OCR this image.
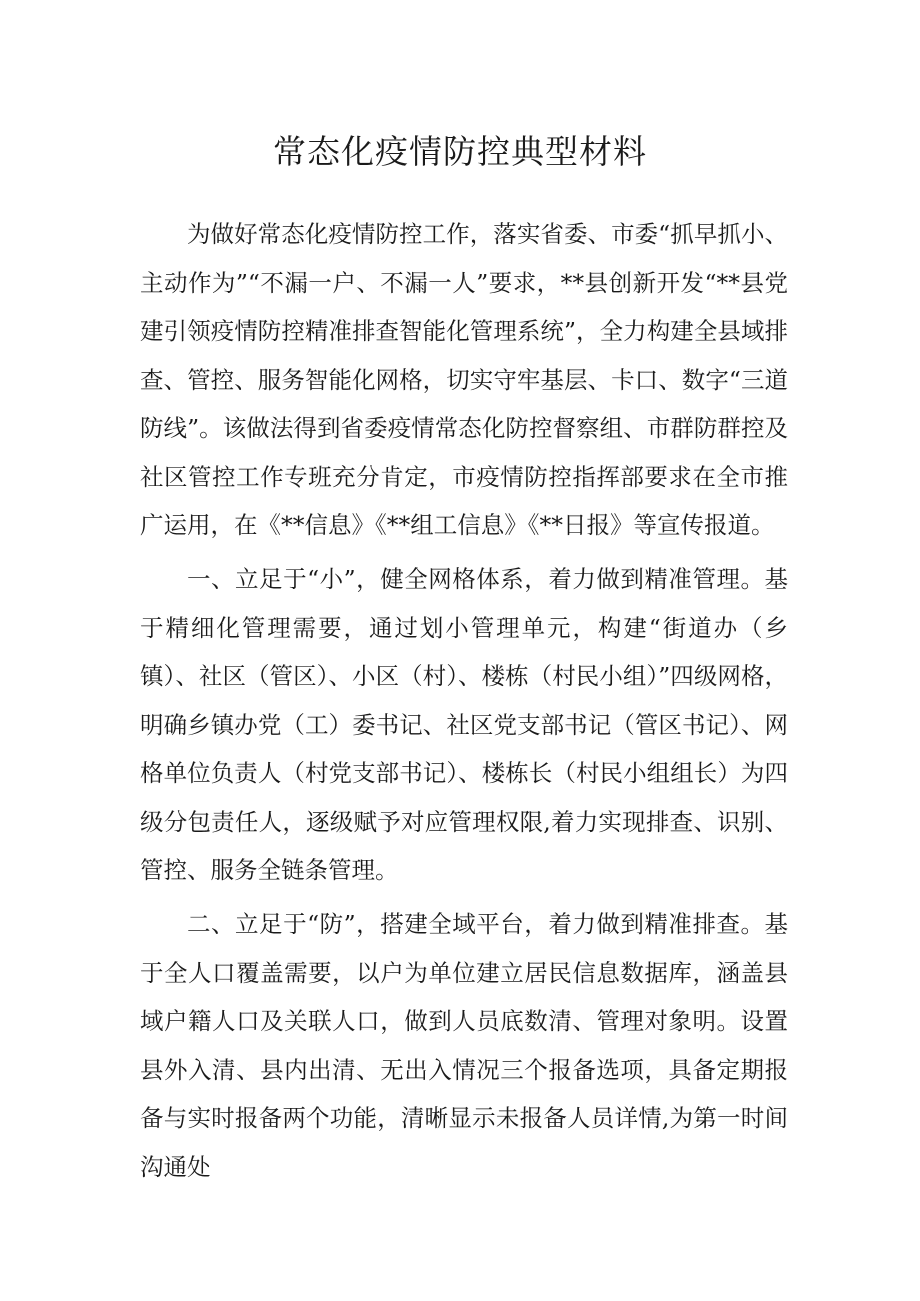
常态化疫情防控典型材料

为做好常态化疫情防控工作，落实省委、市委“抓早抓小、主动作为”“不漏一户、不漏一人”要求，**县创新开发“**县党建引领疫情防控精准排查智能化管理系统”，全力构建全县域排查、管控、服务智能化网格，切实守牢基层、卡口、数字“三道防线”。该做法得到省委疫情常态化防控督察组、市群防群控及社区管控工作专班充分肯定，市疫情防控指挥部要求在全市推广运用，在《**信息》《**组工信息》《**日报》等宣传报道。

一、立足于“小”，健全网格体系，着力做到精准管理。基于精细化管理需要，通过划小管理单元，构建“街道办（乡镇）、社区（管区）、小区（村）、楼栋（村民小组）”四级网格，明确乡镇办党（工）委书记、社区党支部书记（管区书记）、网格单位负责人（村党支部书记）、楼栋长（村民小组组长）为四级分包责任人，逐级赋予对应管理权限,着力实现排查、识别、管控、服务全链条管理。

二、立足于“防”，搭建全域平台，着力做到精准排查。基于全人口覆盖需要，以户为单位建立居民信息数据库，涵盖县域户籍人口及关联人口，做到人员底数清、管理对象明。设置县外入清、县内出清、无出入情况三个报备选项，具备定期报备与实时报备两个功能，清晰显示未报备人员详情,为第一时间沟通处
